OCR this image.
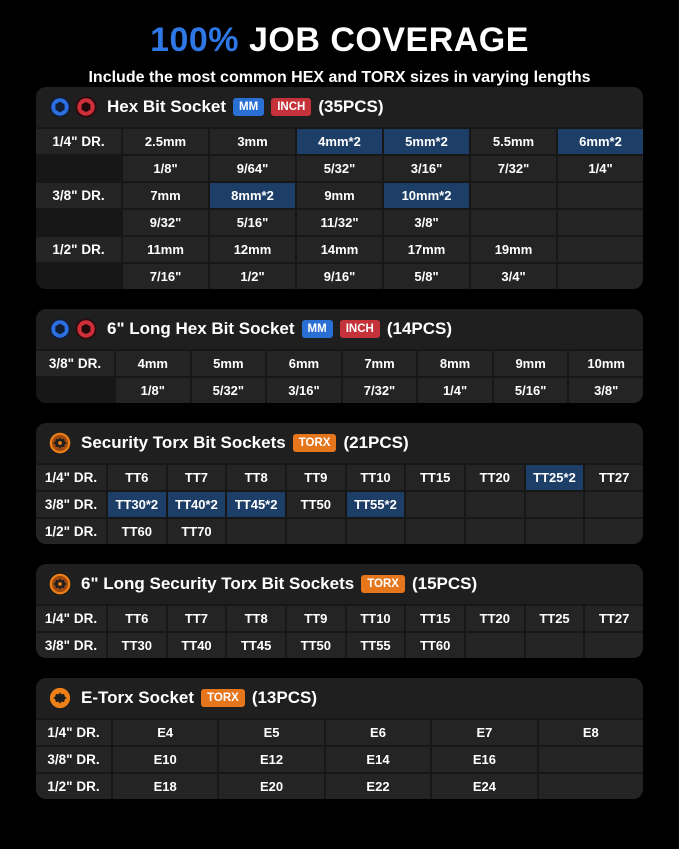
100% JOB COVERAGE
Include the most common HEX and TORX sizes in varying lengths
Hex Bit Socket	MM	INCH (35PCS)
1/4" DR.	2.5mm	3mm	4mm*2	5mm*2	5.5mm	6mm*2
1/8"	9/64"	5/32"	3/16"	7/32"	1/4"
3/8" DR.	7mm	8mm*2	9mm	10mm*2
9/32"	5/16"	11/32"	3/8"
1/2" DR.	11mm	12mm	14mm	17mm	19mm
7/16"	1/2"	9/16"	5/8"	3/4"
6" Long Hex Bit Socket	MM	INCH (14PCS)
3/8" DR.	4mm	5mm	6mm	7mm	8mm	9mm	10mm
1/8"	5/32"	3/16"	7/32"	1/4"	5/16"	3/8"
Security Torx Bit Sockets	TORX (21PCS)
1/4" DR.	TT6	TT7	TT8	TT9	TT10	TT15	TT20	TT25*2	TT27
3/8" DR.	TT30*2	TT40*2	TT45*2	TT50	TT55*2
1/2" DR.	TT60	TT70
6" Long Security Torx Bit Sockets	TORX (15PCS)
1/4" DR.	TT6	TT7	TT8	TT9	TT10	TT15	TT20	TT25	TT27
3/8" DR.	TT30	TT40	TT45	TT50	TT55	TT60
E-Torx Socket	TORX (13PCS)
1/4" DR.	E4	E5	E6	E7	E8
3/8" DR.	E10	E12	E14	E16
1/2" DR.	E18	E20	E22	E24
